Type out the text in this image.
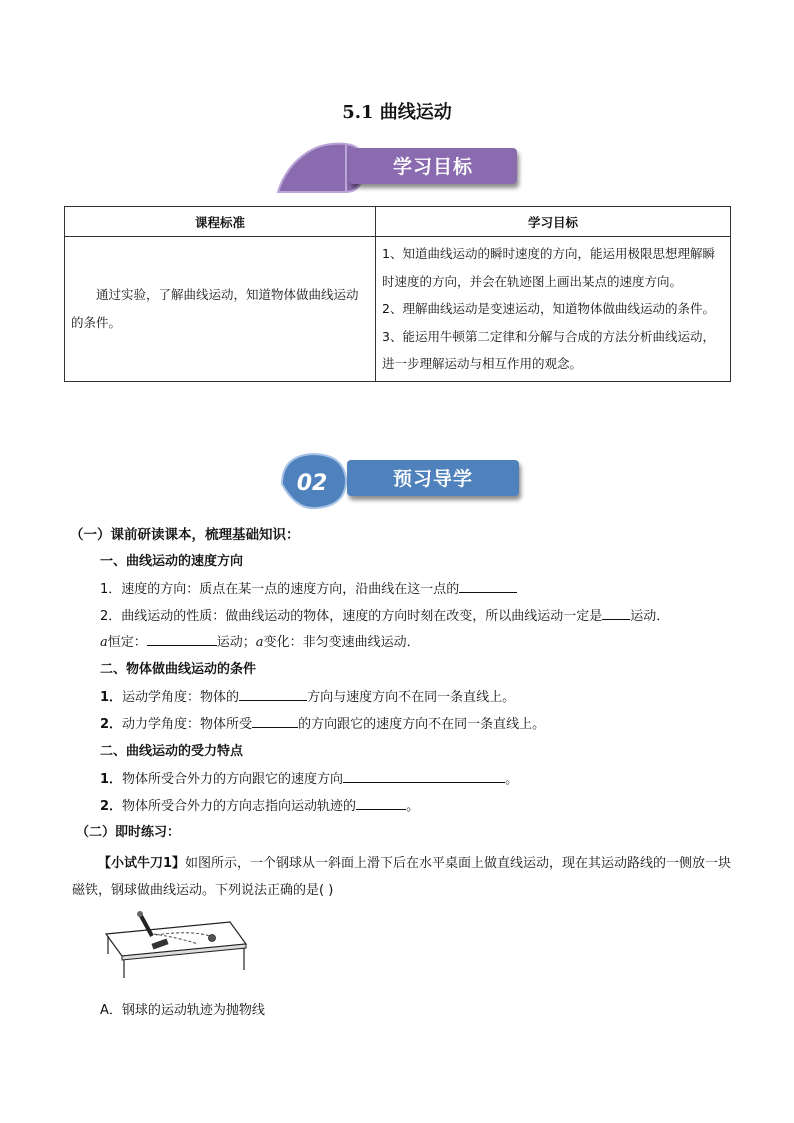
5.1 曲线运动
学习目标
课程标准	学习目标
通过实验，了解曲线运动，知道物体做曲线运动的条件。	1、知道曲线运动的瞬时速度的方向，能运用极限思想理解瞬时速度的方向，并会在轨迹图上画出某点的速度方向。
2、理解曲线运动是变速运动，知道物体做曲线运动的条件。
3、能运用牛顿第二定律和分解与合成的方法分析曲线运动，进一步理解运动与相互作用的观念。
02	预习导学
（一）课前研读课本，梳理基础知识：
一、曲线运动的速度方向
1．速度的方向：质点在某一点的速度方向，沿曲线在这一点的
2．曲线运动的性质：做曲线运动的物体，速度的方向时刻在改变，所以曲线运动一定是 运动．
a恒定：	运动；a变化：非匀变速曲线运动．
二、物体做曲线运动的条件
1．运动学角度：物体的	方向与速度方向不在同一条直线上。
2．动力学角度：物体所受	的方向跟它的速度方向不在同一条直线上。
二、曲线运动的受力特点
1．物体所受合外力的方向跟它的速度方向	。
2．物体所受合外力的方向志指向运动轨迹的	。
（二）即时练习：
【小试牛刀1】如图所示，一个钢球从一斜面上滑下后在水平桌面上做直线运动，现在其运动路线的一侧放一块磁铁，钢球做曲线运动。下列说法正确的是( )
A．钢球的运动轨迹为抛物线
